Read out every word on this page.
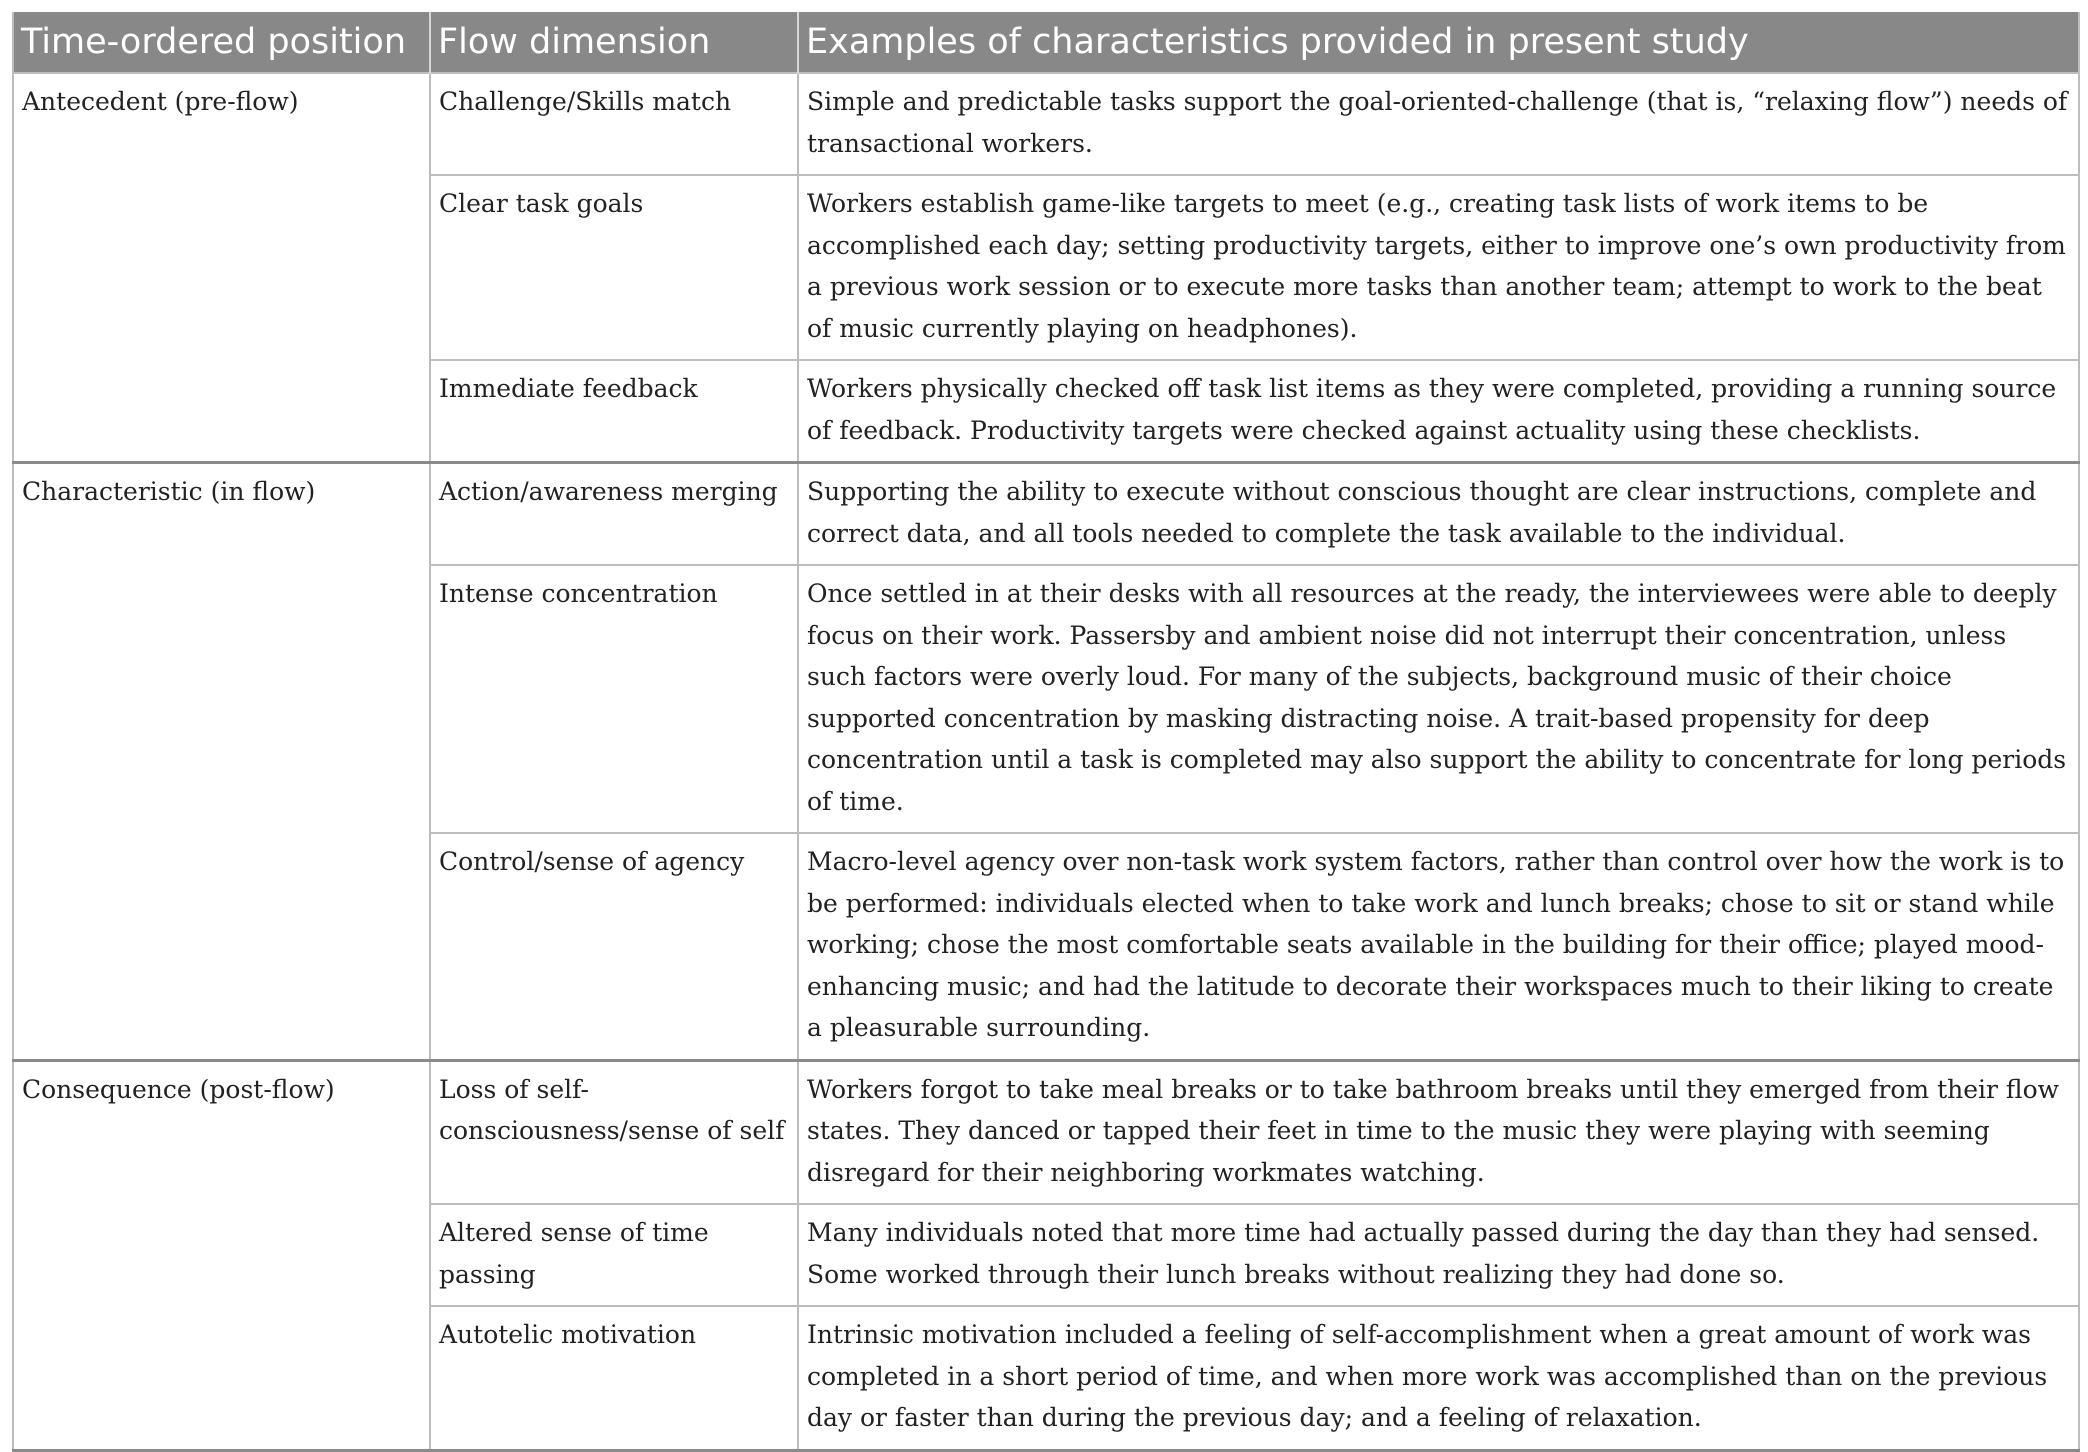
Time-ordered position	Flow dimension	Examples of characteristics provided in present study
Antecedent (pre-flow)	Challenge/Skills match	Simple and predictable tasks support the goal-oriented-challenge (that is, “relaxing flow”) needs of transactional workers.
	Clear task goals	Workers establish game-like targets to meet (e.g., creating task lists of work items to be accomplished each day; setting productivity targets, either to improve one’s own productivity from a previous work session or to execute more tasks than another team; attempt to work to the beat of music currently playing on headphones).
	Immediate feedback	Workers physically checked off task list items as they were completed, providing a running source of feedback. Productivity targets were checked against actuality using these checklists.
Characteristic (in flow)	Action/awareness merging	Supporting the ability to execute without conscious thought are clear instructions, complete and correct data, and all tools needed to complete the task available to the individual.
	Intense concentration	Once settled in at their desks with all resources at the ready, the interviewees were able to deeply focus on their work. Passersby and ambient noise did not interrupt their concentration, unless such factors were overly loud. For many of the subjects, background music of their choice supported concentration by masking distracting noise. A trait-based propensity for deep concentration until a task is completed may also support the ability to concentrate for long periods of time.
	Control/sense of agency	Macro-level agency over non-task work system factors, rather than control over how the work is to be performed: individuals elected when to take work and lunch breaks; chose to sit or stand while working; chose the most comfortable seats available in the building for their office; played mood-enhancing music; and had the latitude to decorate their workspaces much to their liking to create a pleasurable surrounding.
Consequence (post-flow)	Loss of self-consciousness/sense of self	Workers forgot to take meal breaks or to take bathroom breaks until they emerged from their flow states. They danced or tapped their feet in time to the music they were playing with seeming disregard for their neighboring workmates watching.
	Altered sense of time passing	Many individuals noted that more time had actually passed during the day than they had sensed. Some worked through their lunch breaks without realizing they had done so.
	Autotelic motivation	Intrinsic motivation included a feeling of self-accomplishment when a great amount of work was completed in a short period of time, and when more work was accomplished than on the previous day or faster than during the previous day; and a feeling of relaxation.
